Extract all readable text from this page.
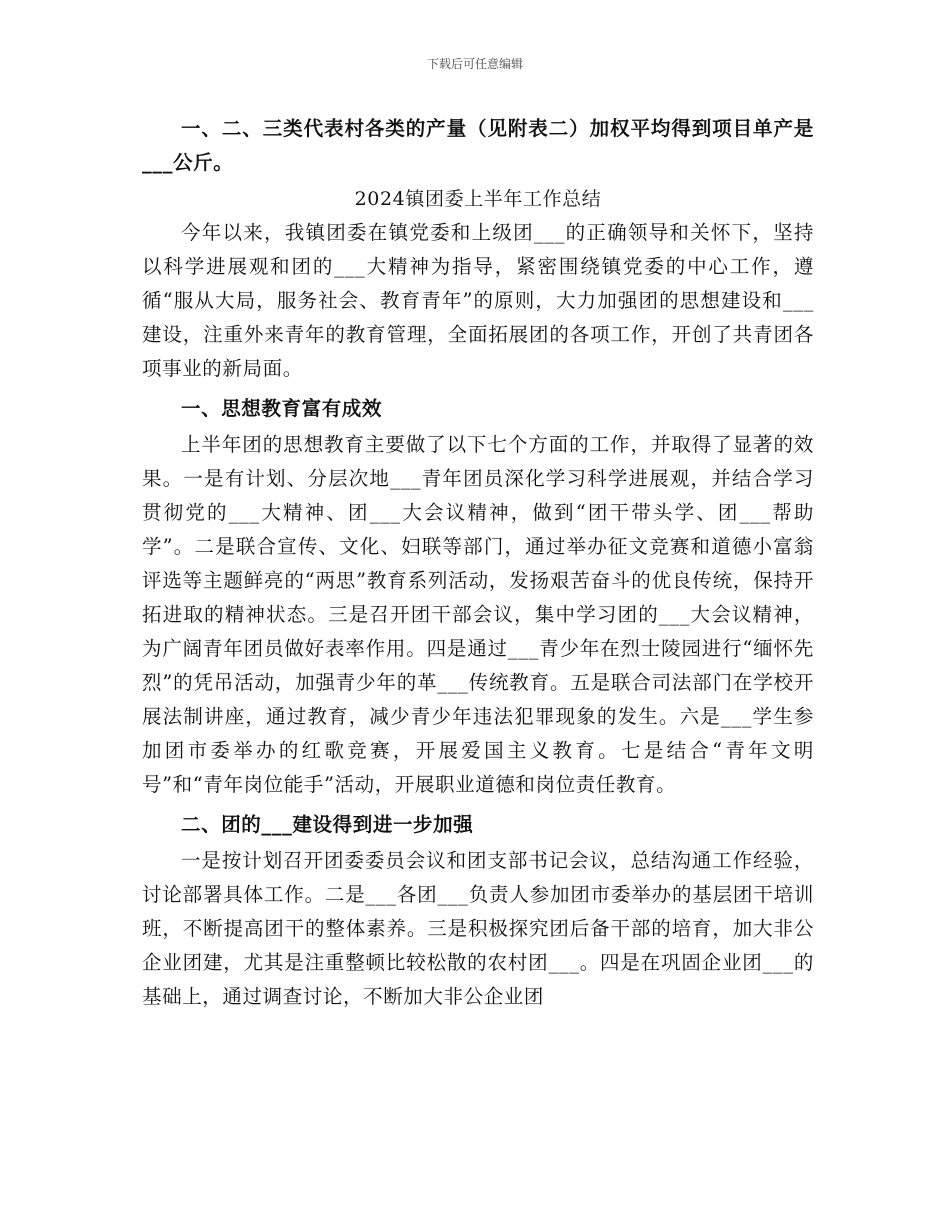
下载后可任意编辑

一、二、三类代表村各类的产量（见附表二）加权平均得到项目单产是___公斤。

2024镇团委上半年工作总结

今年以来，我镇团委在镇党委和上级团___的正确领导和关怀下，坚持以科学进展观和团的___大精神为指导，紧密围绕镇党委的中心工作，遵循“服从大局，服务社会、教育青年”的原则，大力加强团的思想建设和___建设，注重外来青年的教育管理，全面拓展团的各项工作，开创了共青团各项事业的新局面。

一、思想教育富有成效

上半年团的思想教育主要做了以下七个方面的工作，并取得了显著的效果。一是有计划、分层次地___青年团员深化学习科学进展观，并结合学习贯彻党的___大精神、团___大会议精神，做到“团干带头学、团___帮助学”。二是联合宣传、文化、妇联等部门，通过举办征文竞赛和道德小富翁评选等主题鲜亮的“两思”教育系列活动，发扬艰苦奋斗的优良传统，保持开拓进取的精神状态。三是召开团干部会议，集中学习团的___大会议精神，为广阔青年团员做好表率作用。四是通过___青少年在烈士陵园进行“缅怀先烈”的凭吊活动，加强青少年的革___传统教育。五是联合司法部门在学校开展法制讲座，通过教育，减少青少年违法犯罪现象的发生。六是___学生参加团市委举办的红歌竞赛，开展爱国主义教育。七是结合“青年文明号”和“青年岗位能手”活动，开展职业道德和岗位责任教育。

二、团的___建设得到进一步加强

一是按计划召开团委委员会议和团支部书记会议，总结沟通工作经验，讨论部署具体工作。二是___各团___负责人参加团市委举办的基层团干培训班，不断提高团干的整体素养。三是积极探究团后备干部的培育，加大非公企业团建，尤其是注重整顿比较松散的农村团___。四是在巩固企业团___的基础上，通过调查讨论，不断加大非公企业团
